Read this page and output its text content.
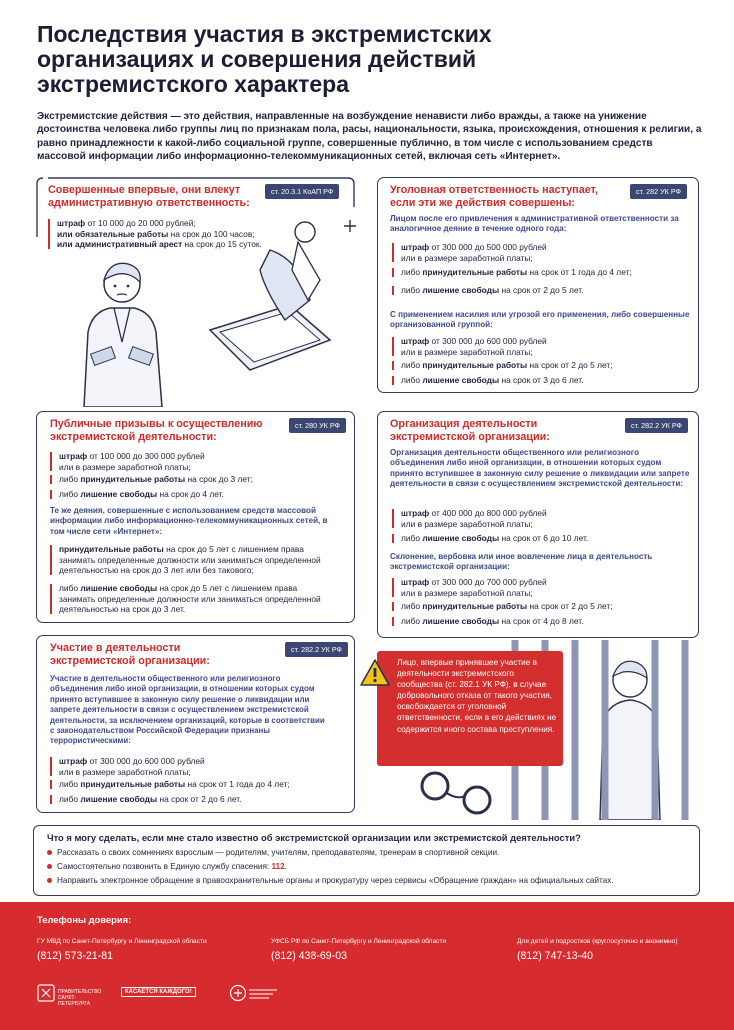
Последствия участия в экстремистских организациях и совершения действий экстремистского характера
Экстремистские действия — это действия, направленные на возбуждение ненависти либо вражды, а также на унижение достоинства человека либо группы лиц по признакам пола, расы, национальности, языка, происхождения, отношения к религии, а равно принадлежности к какой-либо социальной группе, совершенные публично, в том числе с использованием средств массовой информации либо информационно-телекоммуникационных сетей, включая сеть «Интернет».
Совершенные впервые, они влекут административную ответственность:
ст. 20.3.1 КоАП РФ
штраф от 10 000 до 20 000 рублей;
или обязательные работы на срок до 100 часов;
или административный арест на срок до 15 суток.
Уголовная ответственность наступает, если эти же действия совершены:
ст. 282 УК РФ
Лицом после его привлечения к административной ответственности за аналогичное деяние в течение одного года:
штраф от 300 000 до 500 000 рублей
или в размере заработной платы;
либо принудительные работы на срок от 1 года до 4 лет;
либо лишение свободы на срок от 2 до 5 лет.
С применением насилия или угрозой его применения, либо совершенные организованной группой:
штраф от 300 000 до 600 000 рублей
или в размере заработной платы;
либо принудительные работы на срок от 2 до 5 лет;
либо лишение свободы на срок от 3 до 6 лет.
Публичные призывы к осуществлению экстремистской деятельности:
ст. 280 УК РФ
штраф от 100 000 до 300 000 рублей
или в размере заработной платы;
либо принудительные работы на срок до 3 лет;
либо лишение свободы на срок до 4 лет.
Те же деяния, совершенные с использованием средств массовой информации либо информационно-телекоммуникационных сетей, в том числе сети «Интернет»:
принудительные работы на срок до 5 лет с лишением права
занимать определенные должности или заниматься определенной
деятельностью на срок до 3 лет или без такового;
либо лишение свободы на срок до 5 лет с лишением права
занимать определенные должности или заниматься определенной
деятельностью на срок до 3 лет.
Организация деятельности экстремистской организации:
ст. 282.2 УК РФ
Организация деятельности общественного или религиозного объединения либо иной организации, в отношении которых судом принято вступившее в законную силу решение о ликвидации или запрете деятельности в связи с осуществлением экстремистской деятельности:
штраф от 400 000 до 800 000 рублей
или в размере заработной платы;
либо лишение свободы на срок от 6 до 10 лет.
Склонение, вербовка или иное вовлечение лица в деятельность экстремистской организации:
штраф от 300 000 до 700 000 рублей
или в размере заработной платы;
либо принудительные работы на срок от 2 до 5 лет;
либо лишение свободы на срок от 4 до 8 лет.
Участие в деятельности экстремистской организации:
ст. 282.2 УК РФ
Участие в деятельности общественного или религиозного объединения либо иной организации, в отношении которых судом принято вступившее в законную силу решение о ликвидации или запрете деятельности в связи с осуществлением экстремистской деятельности, за исключением организаций, которые в соответствии с законодательством Российской Федерации признаны террористическими:
штраф от 300 000 до 600 000 рублей
или в размере заработной платы;
либо принудительные работы на срок от 1 года до 4 лет;
либо лишение свободы на срок от 2 до 6 лет.
Лицо, впервые принявшее участие в деятельности экстремистского сообщества (ст. 282.1 УК РФ), в случае добровольного отказа от такого участия, освобождается от уголовной ответственности, если в его действиях не содержится иного состава преступления.
Что я могу сделать, если мне стало известно об экстремистской организации или экстремистской деятельности?
Рассказать о своих сомнениях взрослым — родителям, учителям, преподавателям, тренерам в спортивной секции.
Самостоятельно позвонить в Единую службу спасения: 112.
Направить электронное обращение в правоохранительные органы и прокуратуру через сервисы «Обращение граждан» на официальных сайтах.
Телефоны доверия:
ГУ МВД по Санкт-Петербургу и Ленинградской области
(812) 573-21-81
УФСБ РФ по Санкт-Петербургу и Ленинградской области
(812) 438-69-03
Для детей и подростков (круглосуточно и анонимно)
(812) 747-13-40
ПРАВИТЕЛЬСТВО САНКТ-ПЕТЕРБУРГА
КАСАЕТСЯ КАЖДОГО!
